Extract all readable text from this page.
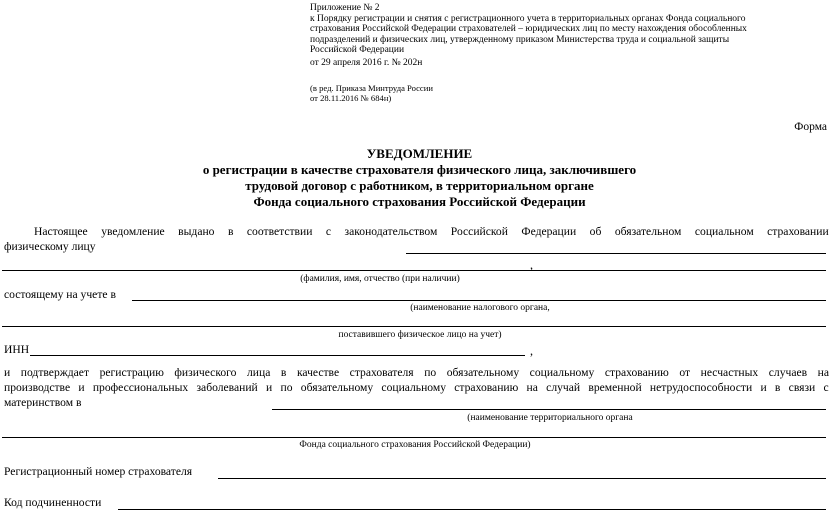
Приложение № 2
к Порядку регистрации и снятия с регистрационного учета в территориальных органах Фонда социального
страхования Российской Федерации страхователей – юридических лиц по месту нахождения обособленных
подразделений и физических лиц, утвержденному приказом Министерства труда и социальной защиты
Российской Федерации
от 29 апреля 2016 г. № 202н
(в ред. Приказа Минтруда России
от 28.11.2016 № 684н)
Форма
УВЕДОМЛЕНИЕ
о регистрации в качестве страхователя физического лица, заключившего
трудовой договор с работником, в территориальном органе
Фонда социального страхования Российской Федерации
Настоящее уведомление выдано в соответствии с законодательством Российской Федерации об обязательном социальном страховании
физическому лицу
,
(фамилия, имя, отчество (при наличии)
состоящему на учете в
(наименование налогового органа,
поставившего физическое лицо на учет)
ИНН	,
и подтверждает регистрацию физического лица в качестве страхователя по обязательному социальному страхованию от несчастных случаев на
производстве и профессиональных заболеваний и по обязательному социальному страхованию на случай временной нетрудоспособности и в связи с
материнством в
(наименование территориального органа
Фонда социального страхования Российской Федерации)
Регистрационный номер страхователя
Код подчиненности
